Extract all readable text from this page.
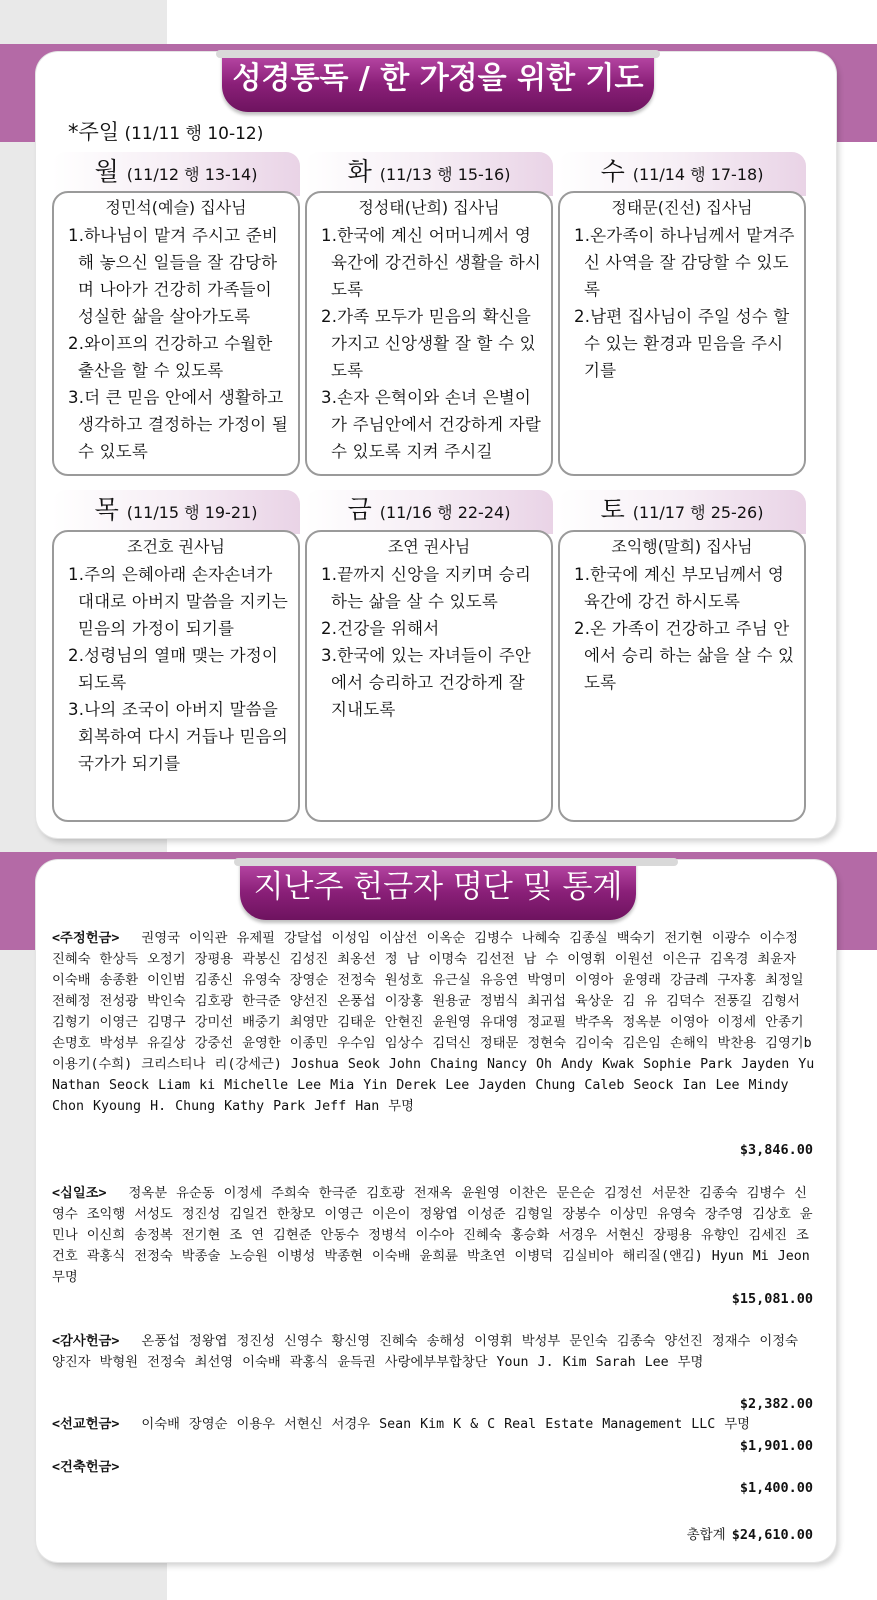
성경통독 / 한 가정을 위한 기도
*주일 (11/11 행 10-12)
월 (11/12 행 13-14)
정민석(예슬) 집사님
1.하나님이 맡겨 주시고 준비해 놓으신 일들을 잘 감당하며 나아가 건강히 가족들이 성실한 삶을 살아가도록
2.와이프의 건강하고 수월한 출산을 할 수 있도록
3.더 큰 믿음 안에서 생활하고 생각하고 결정하는 가정이 될 수 있도록
화 (11/13 행 15-16)
정성태(난희) 집사님
1.한국에 계신 어머니께서 영육간에 강건하신 생활을 하시도록
2.가족 모두가 믿음의 확신을 가지고 신앙생활 잘 할 수 있도록
3.손자 은혁이와 손녀 은별이가 주님안에서 건강하게 자랄 수 있도록 지켜 주시길
수 (11/14 행 17-18)
정태문(진선) 집사님
1.온가족이 하나님께서 맡겨주신 사역을 잘 감당할 수 있도록
2.남편 집사님이 주일 성수 할 수 있는 환경과 믿음을 주시기를
목 (11/15 행 19-21)
조건호 권사님
1.주의 은혜아래 손자손녀가 대대로 아버지 말씀을 지키는 믿음의 가정이 되기를
2.성령님의 열매 맺는 가정이 되도록
3.나의 조국이 아버지 말씀을 회복하여 다시 거듭나 믿음의 국가가 되기를
금 (11/16 행 22-24)
조연 권사님
1.끝까지 신앙을 지키며 승리하는 삶을 살 수 있도록
2.건강을 위해서
3.한국에 있는 자녀들이 주안에서 승리하고 건강하게 잘 지내도록
토 (11/17 행 25-26)
조익행(말희) 집사님
1.한국에 계신 부모님께서 영육간에 강건 하시도록
2.온 가족이 건강하고 주님 안에서 승리 하는 삶을 살 수 있도록
지난주 헌금자 명단 및 통계
<주정헌금> 권영국 이익관 유제필 강달섭 이성임 이삼선 이옥순 김병수 나혜숙 김종실 백숙기 전기현 이광수 이수정 진혜숙 한상득 오정기 장평용 곽봉신 김성진 최옹선 정 남 이명숙 김선전 남 수 이영휘 이원선 이은규 김옥경 최윤자 이숙배 송종환 이인범 김종신 유영숙 장영순 전정숙 원성호 유근실 유응연 박영미 이영아 윤영래 강금례 구자홍 최정일 전혜정 전성광 박인숙 김호광 한극준 양선진 온풍섭 이장홍 원용균 정범식 최귀섭 육상운 김 유 김덕수 전풍길 김형서 김형기 이영근 김명구 강미선 배중기 최영만 김태운 안현진 윤원영 유대영 정교필 박주옥 정옥분 이영아 이정세 안종기 손명호 박성부 유길상 강중선 윤영한 이종민 우수임 임상수 김덕신 정태문 정현숙 김이숙 김은임 손해익 박찬용 김영기b 이용기(수희) 크리스티나 리(강세근) Joshua Seok John Chaing Nancy Oh Andy Kwak Sophie Park Jayden Yu Nathan Seock Liam ki Michelle Lee Mia Yin Derek Lee Jayden Chung Caleb Seock Ian Lee Mindy Chon Kyoung H. Chung Kathy Park Jeff Han 무명
$3,846.00
<십일조> 정옥분 유순동 이정세 주희숙 한극준 김호광 전재옥 윤원영 이찬은 문은순 김정선 서문찬 김종숙 김병수 신영수 조익행 서성도 정진성 김일건 한창모 이영근 이은이 정왕엽 이성준 김형일 장봉수 이상민 유영숙 장주영 김상호 윤민나 이신희 송정복 전기현 조 연 김현준 안동수 정병석 이수아 진혜숙 홍승화 서경우 서현신 장평용 유향인 김세진 조건호 곽홍식 전정숙 박종술 노승원 이병성 박종현 이숙배 윤희륜 박초연 이병덕 김실비아 해리질(앤김) Hyun Mi Jeon 무명
$15,081.00
<감사헌금> 온풍섭 정왕엽 정진성 신영수 황신영 진혜숙 송해성 이영휘 박성부 문인숙 김종숙 양선진 정재수 이정숙 양진자 박형원 전정숙 최선영 이숙배 곽홍식 윤득권 사랑에부부합창단 Youn J. Kim Sarah Lee 무명
$2,382.00
<선교헌금> 이숙배 장영순 이용우 서현신 서경우 Sean Kim K & C Real Estate Management LLC 무명
$1,901.00
<건축헌금>
$1,400.00
총합계 $24,610.00
